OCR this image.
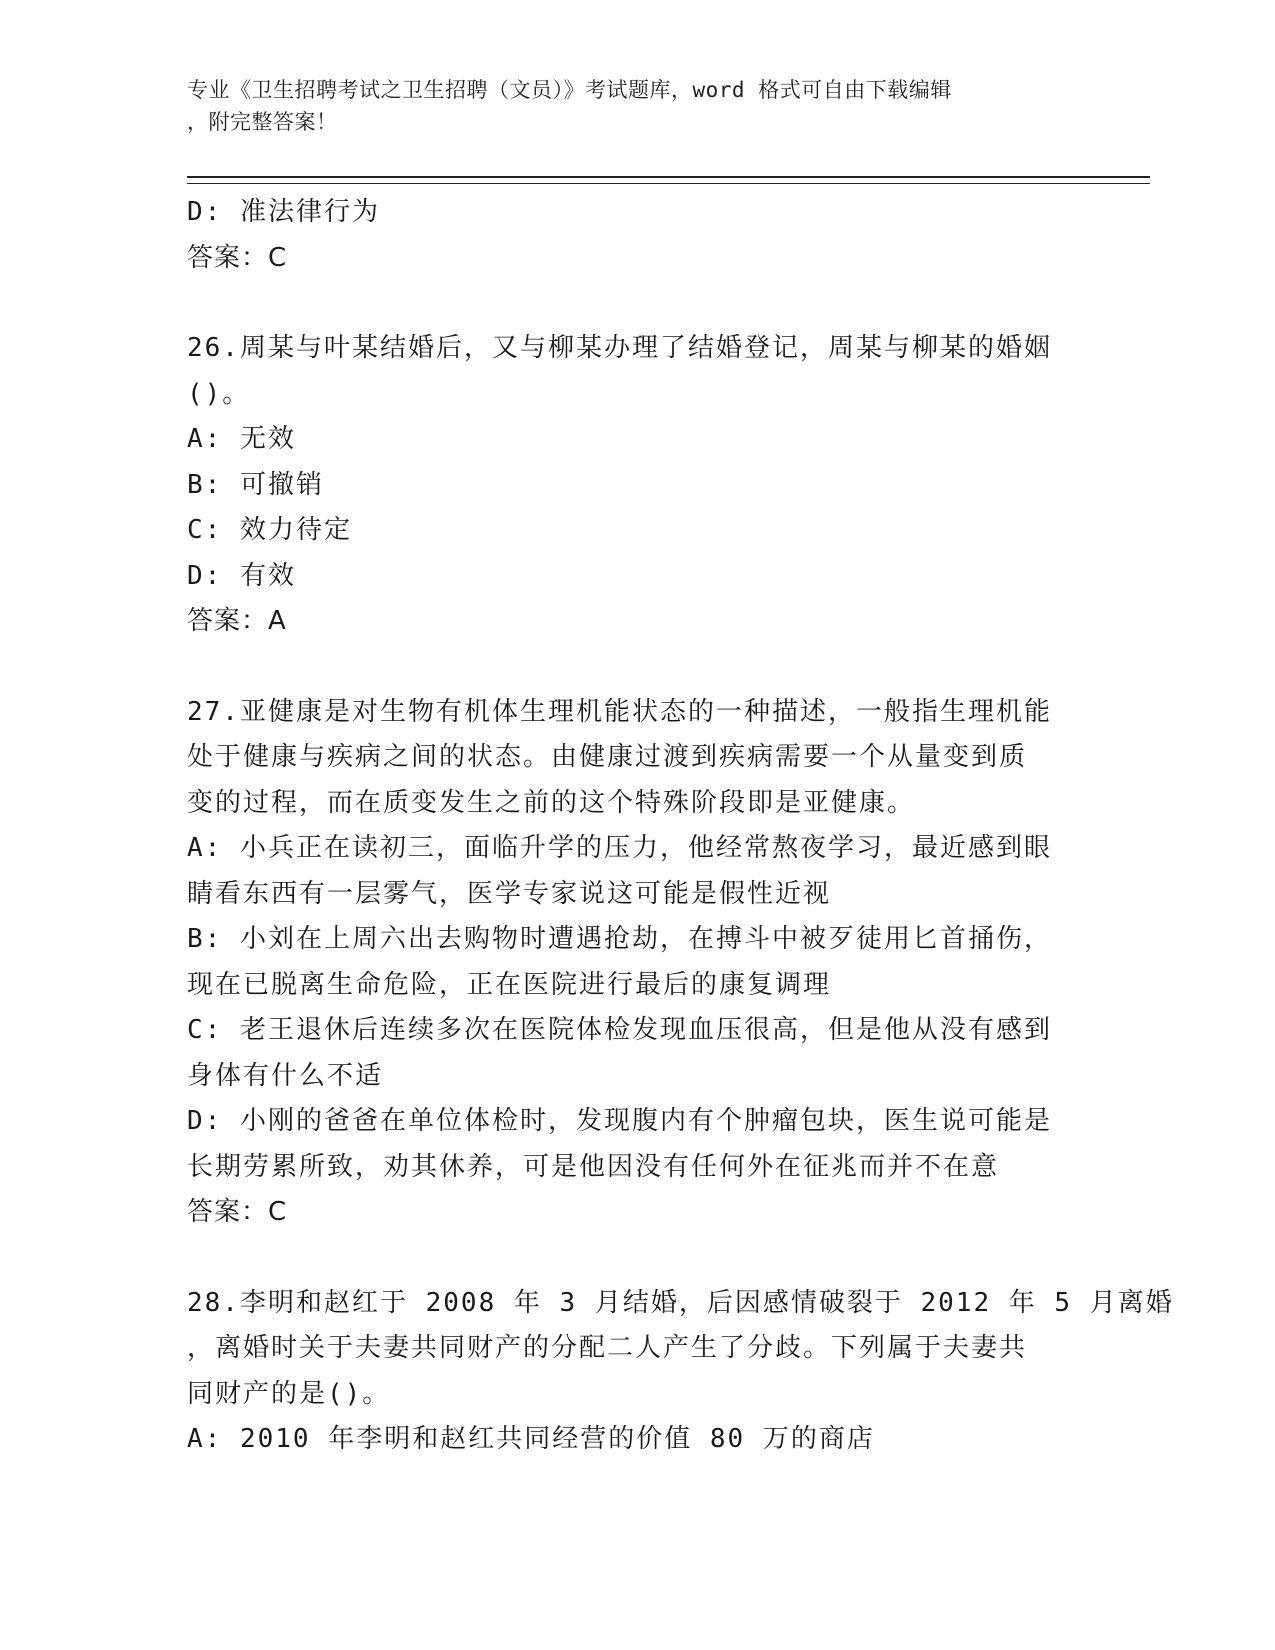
专业《卫生招聘考试之卫生招聘（文员）》考试题库，word 格式可自由下载编辑
，附完整答案！
D: 准法律行为
答案：C
26.周某与叶某结婚后，又与柳某办理了结婚登记，周某与柳某的婚姻
()。
A: 无效
B: 可撤销
C: 效力待定
D: 有效
答案：A
27.亚健康是对生物有机体生理机能状态的一种描述，一般指生理机能
处于健康与疾病之间的状态。由健康过渡到疾病需要一个从量变到质
变的过程，而在质变发生之前的这个特殊阶段即是亚健康。
A: 小兵正在读初三，面临升学的压力，他经常熬夜学习，最近感到眼
睛看东西有一层雾气，医学专家说这可能是假性近视
B: 小刘在上周六出去购物时遭遇抢劫，在搏斗中被歹徒用匕首捅伤，
现在已脱离生命危险，正在医院进行最后的康复调理
C: 老王退休后连续多次在医院体检发现血压很高，但是他从没有感到
身体有什么不适
D: 小刚的爸爸在单位体检时，发现腹内有个肿瘤包块，医生说可能是
长期劳累所致，劝其休养，可是他因没有任何外在征兆而并不在意
答案：C
28.李明和赵红于 2008 年 3 月结婚，后因感情破裂于 2012 年 5 月离婚
，离婚时关于夫妻共同财产的分配二人产生了分歧。下列属于夫妻共
同财产的是()。
A: 2010 年李明和赵红共同经营的价值 80 万的商店
